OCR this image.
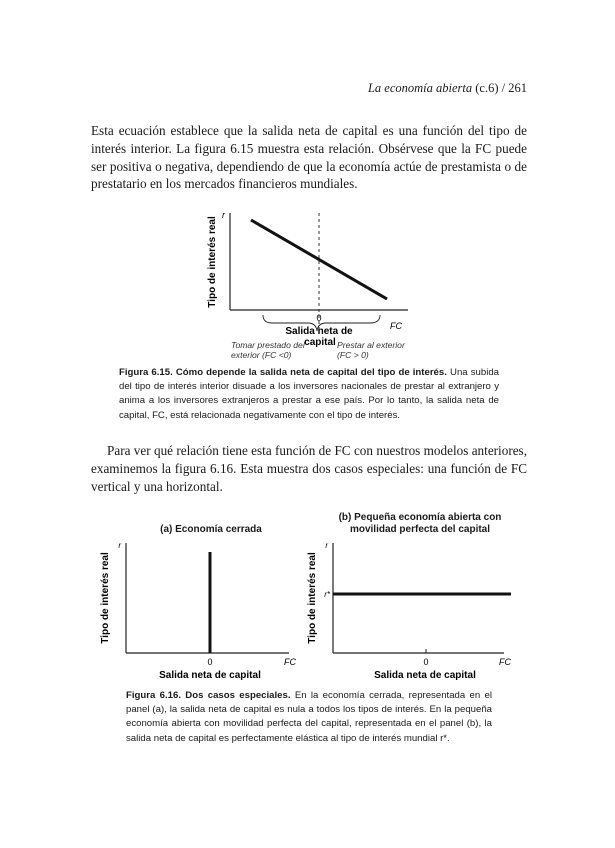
La economía abierta (c.6) / 261

Esta ecuación establece que la salida neta de capital es una función del tipo de interés interior. La figura 6.15 muestra esta relación. Obsérvese que la FC puede ser positiva o negativa, dependiendo de que la economía actúe de prestamista o de prestatario en los mercados financieros mundiales.

r
FC
0
Tipo de interés real
Salida neta de capital
Tomar prestado del exterior (FC <0)
Prestar al exterior (FC > 0)
Figura 6.15. Cómo depende la salida neta de capital del tipo de interés. Una subida del tipo de interés interior disuade a los inversores nacionales de prestar al extranjero y anima a los inversores extranjeros a prestar a ese país. Por lo tanto, la salida neta de capital, FC, está relacionada negativamente con el tipo de interés.

Para ver qué relación tiene esta función de FC con nuestros modelos anteriores, examinemos la figura 6.16. Esta muestra dos casos especiales: una función de FC vertical y una horizontal.

(a) Economía cerrada
(b) Pequeña economía abierta con
movilidad perfecta del capital
r
0	FC
Salida neta de capital
Tipo de interés real
r
r*
0	FC
Salida neta de capital
Tipo de interés real
Figura 6.16. Dos casos especiales. En la economía cerrada, representada en el panel (a), la salida neta de capital es nula a todos los tipos de interés. En la pequeña economía abierta con movilidad perfecta del capital, representada en el panel (b), la salida neta de capital es perfectamente elástica al tipo de interés mundial r*.
